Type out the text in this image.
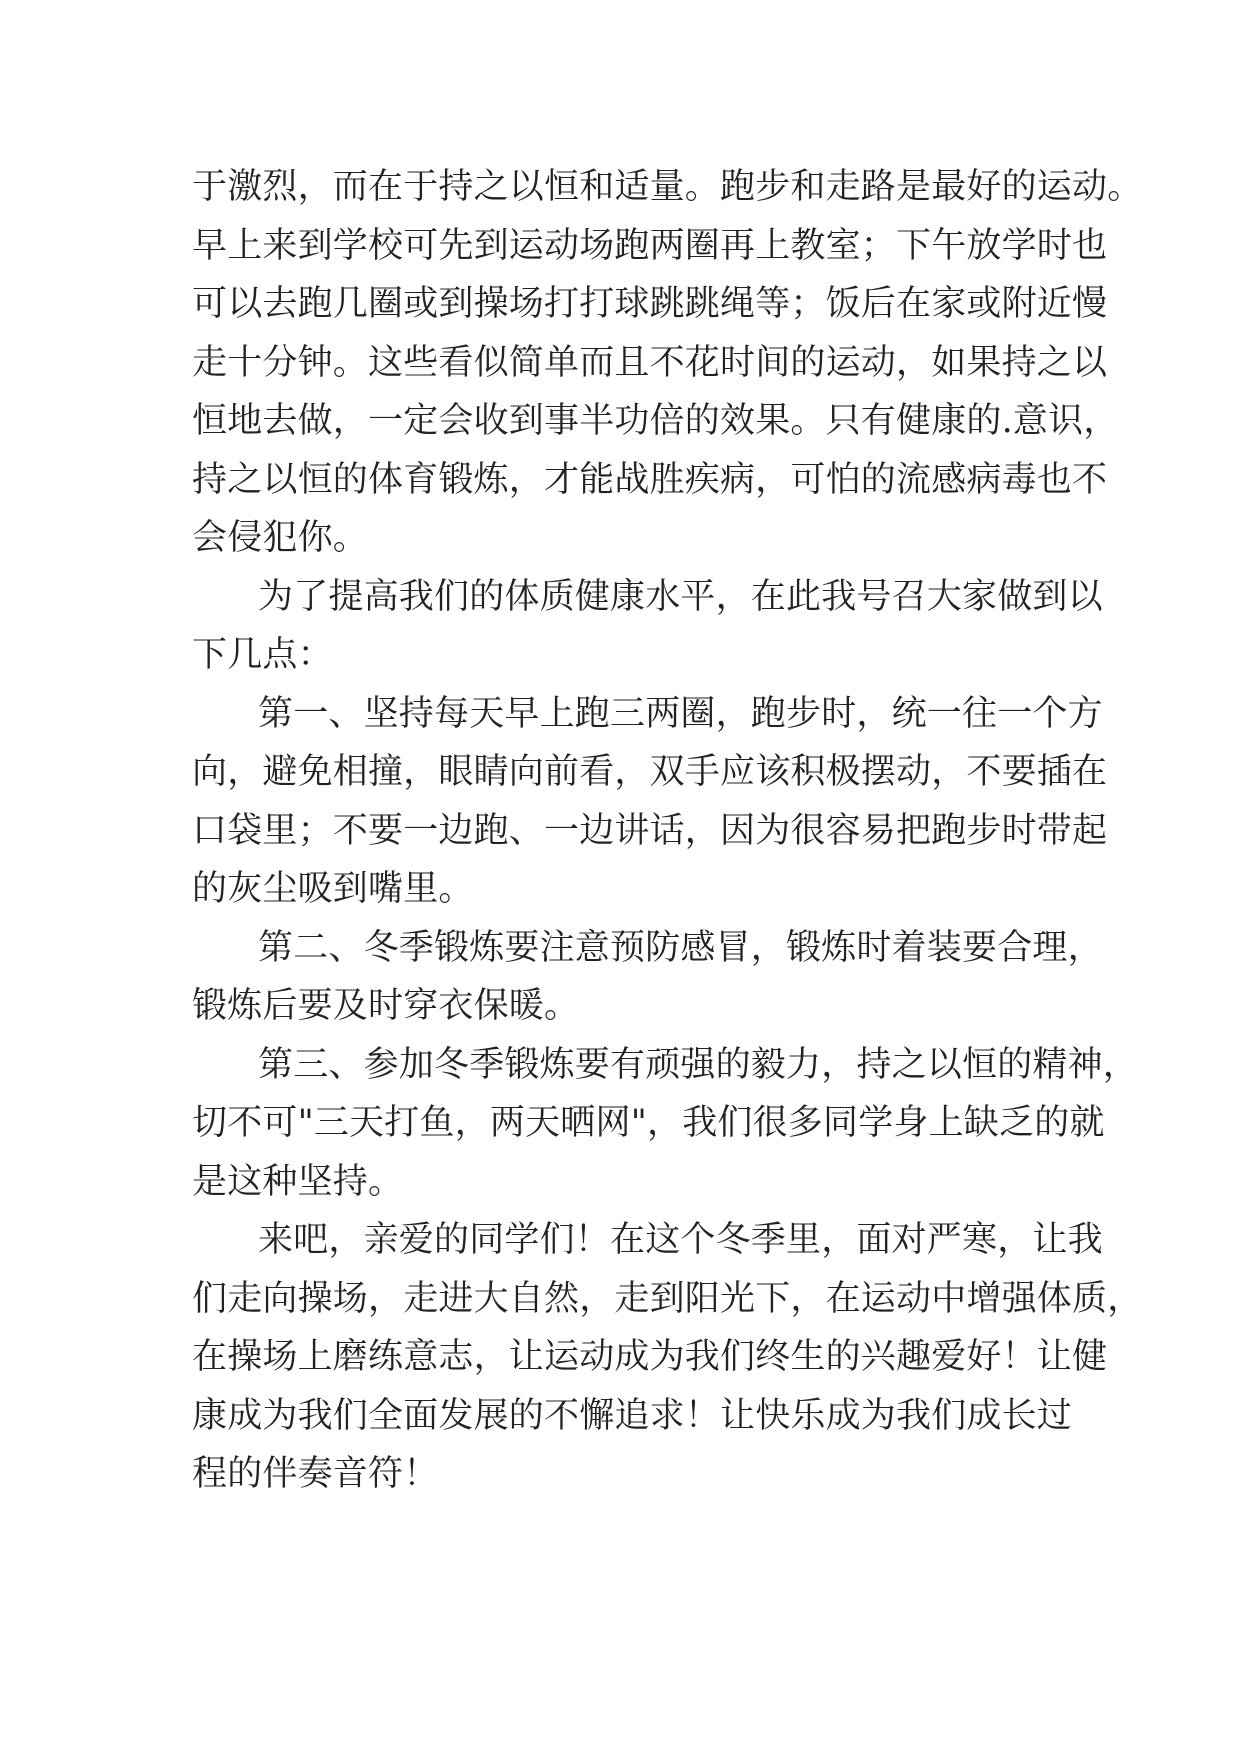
于激烈，而在于持之以恒和适量。跑步和走路是最好的运动。
早上来到学校可先到运动场跑两圈再上教室；下午放学时也
可以去跑几圈或到操场打打球跳跳绳等；饭后在家或附近慢
走十分钟。这些看似简单而且不花时间的运动，如果持之以
恒地去做，一定会收到事半功倍的效果。只有健康的.意识，
持之以恒的体育锻炼，才能战胜疾病，可怕的流感病毒也不
会侵犯你。

为了提高我们的体质健康水平，在此我号召大家做到以
下几点：

第一、坚持每天早上跑三两圈，跑步时，统一往一个方
向，避免相撞，眼睛向前看，双手应该积极摆动，不要插在
口袋里；不要一边跑、一边讲话，因为很容易把跑步时带起
的灰尘吸到嘴里。

第二、冬季锻炼要注意预防感冒，锻炼时着装要合理，
锻炼后要及时穿衣保暖。

第三、参加冬季锻炼要有顽强的毅力，持之以恒的精神，
切不可"三天打鱼，两天晒网"，我们很多同学身上缺乏的就
是这种坚持。

来吧，亲爱的同学们！在这个冬季里，面对严寒，让我
们走向操场，走进大自然，走到阳光下，在运动中增强体质，
在操场上磨练意志，让运动成为我们终生的兴趣爱好！让健
康成为我们全面发展的不懈追求！让快乐成为我们成长过
程的伴奏音符！
